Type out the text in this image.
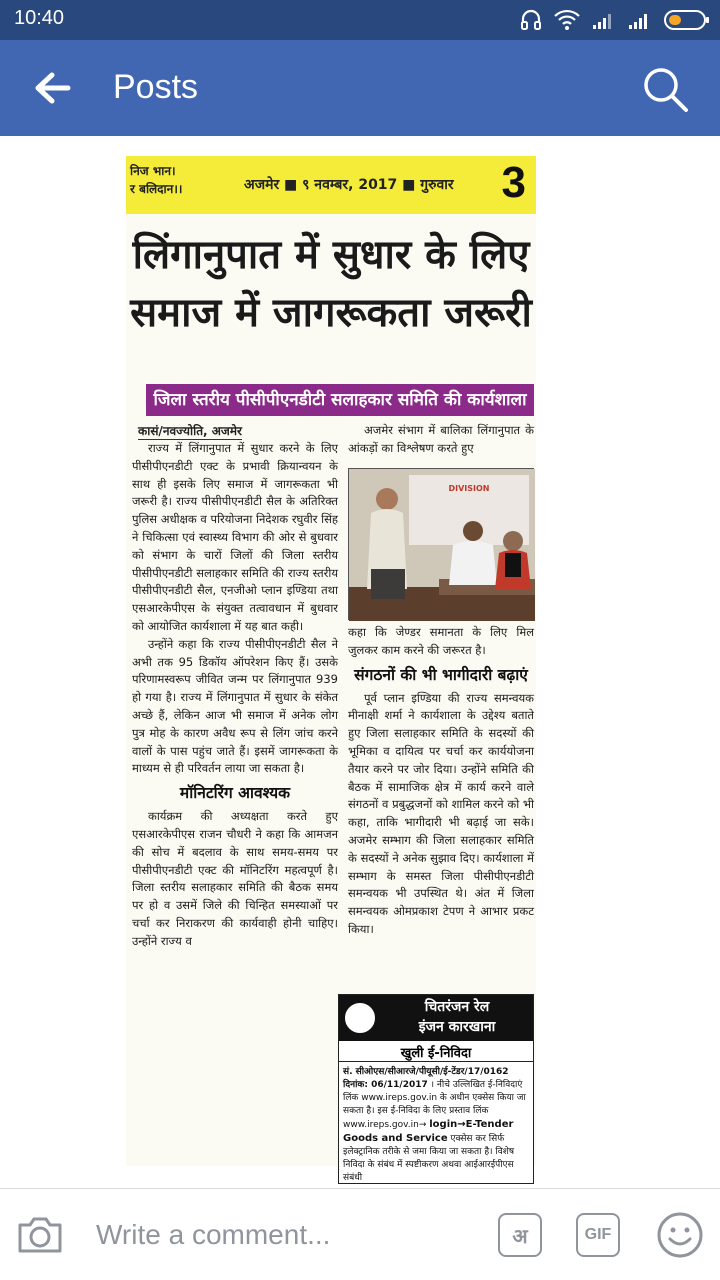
10:40
Posts
निज भान।
र बलिदान।।	अजमेर ■ ९ नवम्बर, 2017 ■ गुरुवार 3
लिंगानुपात में सुधार के लिए
समाज में जागरूकता जरूरी
जिला स्तरीय पीसीपीएनडीटी सलाहकार समिति की कार्यशाला
कासं/नवज्योति, अजमेर

राज्य में लिंगानुपात में सुधार करने के लिए पीसीपीएनडीटी एक्ट के प्रभावी क्रियान्वयन के साथ ही इसके लिए समाज में जागरूकता भी जरूरी है। राज्य पीसीपीएनडीटी सैल के अतिरिक्त पुलिस अधीक्षक व परियोजना निदेशक रघुवीर सिंह ने चिकित्सा एवं स्वास्थ्य विभाग की ओर से बुधवार को संभाग के चारों जिलों की जिला स्तरीय पीसीपीएनडीटी सलाहकार समिति की राज्य स्तरीय पीसीपीएनडीटी सैल, एनजीओ प्लान इण्डिया तथा एसआरकेपीएस के संयुक्त तत्वावधान में बुधवार को आयोजित कार्यशाला में यह बात कही।

उन्होंने कहा कि राज्य पीसीपीएनडीटी सैल ने अभी तक 95 डिकॉय ऑपरेशन किए हैं। उसके परिणामस्वरूप जीवित जन्म पर लिंगानुपात 939 हो गया है। राज्य में लिंगानुपात में सुधार के संकेत अच्छे हैं, लेकिन आज भी समाज में अनेक लोग पुत्र मोह के कारण अवैध रूप से लिंग जांच करने वालों के पास पहुंच जाते हैं। इसमें जागरूकता के माध्यम से ही परिवर्तन लाया जा सकता है।

मॉनिटरिंग आवश्यक

कार्यक्रम की अध्यक्षता करते हुए एसआरकेपीएस राजन चौधरी ने कहा कि आमजन की सोच में बदलाव के साथ समय-समय पर पीसीपीएनडीटी एक्ट की मॉनिटरिंग महत्वपूर्ण है। जिला स्तरीय सलाहकार समिति की बैठक समय पर हो व उसमें जिले की चिन्हित समस्याओं पर चर्चा कर निराकरण की कार्यवाही होनी चाहिए। उन्होंने राज्य व

अजमेर संभाग में बालिका लिंगानुपात के आंकड़ों का विश्लेषण करते हुए

DIVISION

कहा कि जेण्डर समानता के लिए मिल जुलकर काम करने की जरूरत है।

संगठनों की भी भागीदारी बढ़ाएं

पूर्व प्लान इण्डिया की राज्य समन्वयक मीनाक्षी शर्मा ने कार्यशाला के उद्देश्य बताते हुए जिला सलाहकार समिति के सदस्यों की भूमिका व दायित्व पर चर्चा कर कार्ययोजना तैयार करने पर जोर दिया। उन्होंने समिति की बैठक में सामाजिक क्षेत्र में कार्य करने वाले संगठनों व प्रबुद्धजनों को शामिल करने को भी कहा, ताकि भागीदारी भी बढ़ाई जा सके। अजमेर सम्भाग की जिला सलाहकार समिति के सदस्यों ने अनेक सुझाव दिए। कार्यशाला में सम्भाग के समस्त जिला पीसीपीएनडीटी समन्वयक भी उपस्थित थे। अंत में जिला समन्वयक ओमप्रकाश टेपण ने आभार प्रकट किया।

चितरंजन रेल
इंजन कारखाना
खुली ई-निविदा
सं. सीओएस/सीआरजे/पीयूसी/ई-टेंडर/17/0162
दिनांक: 06/11/2017 । नीचे उल्लिखित ई-निविदाएं लिंक www.ireps.gov.in के अधीन एक्सेस किया जा सकता है। इस ई-निविदा के लिए प्रस्ताव लिंक www.ireps.gov.in→ login→E-Tender Goods and Service एक्सेस कर सिर्फ इलेक्ट्रानिक तरीके से जमा किया जा सकता है। विशेष निविदा के संबंध में स्पष्टीकरण अथवा आईआरईपीएस संबंधी
Write a comment...	अ	GIF
